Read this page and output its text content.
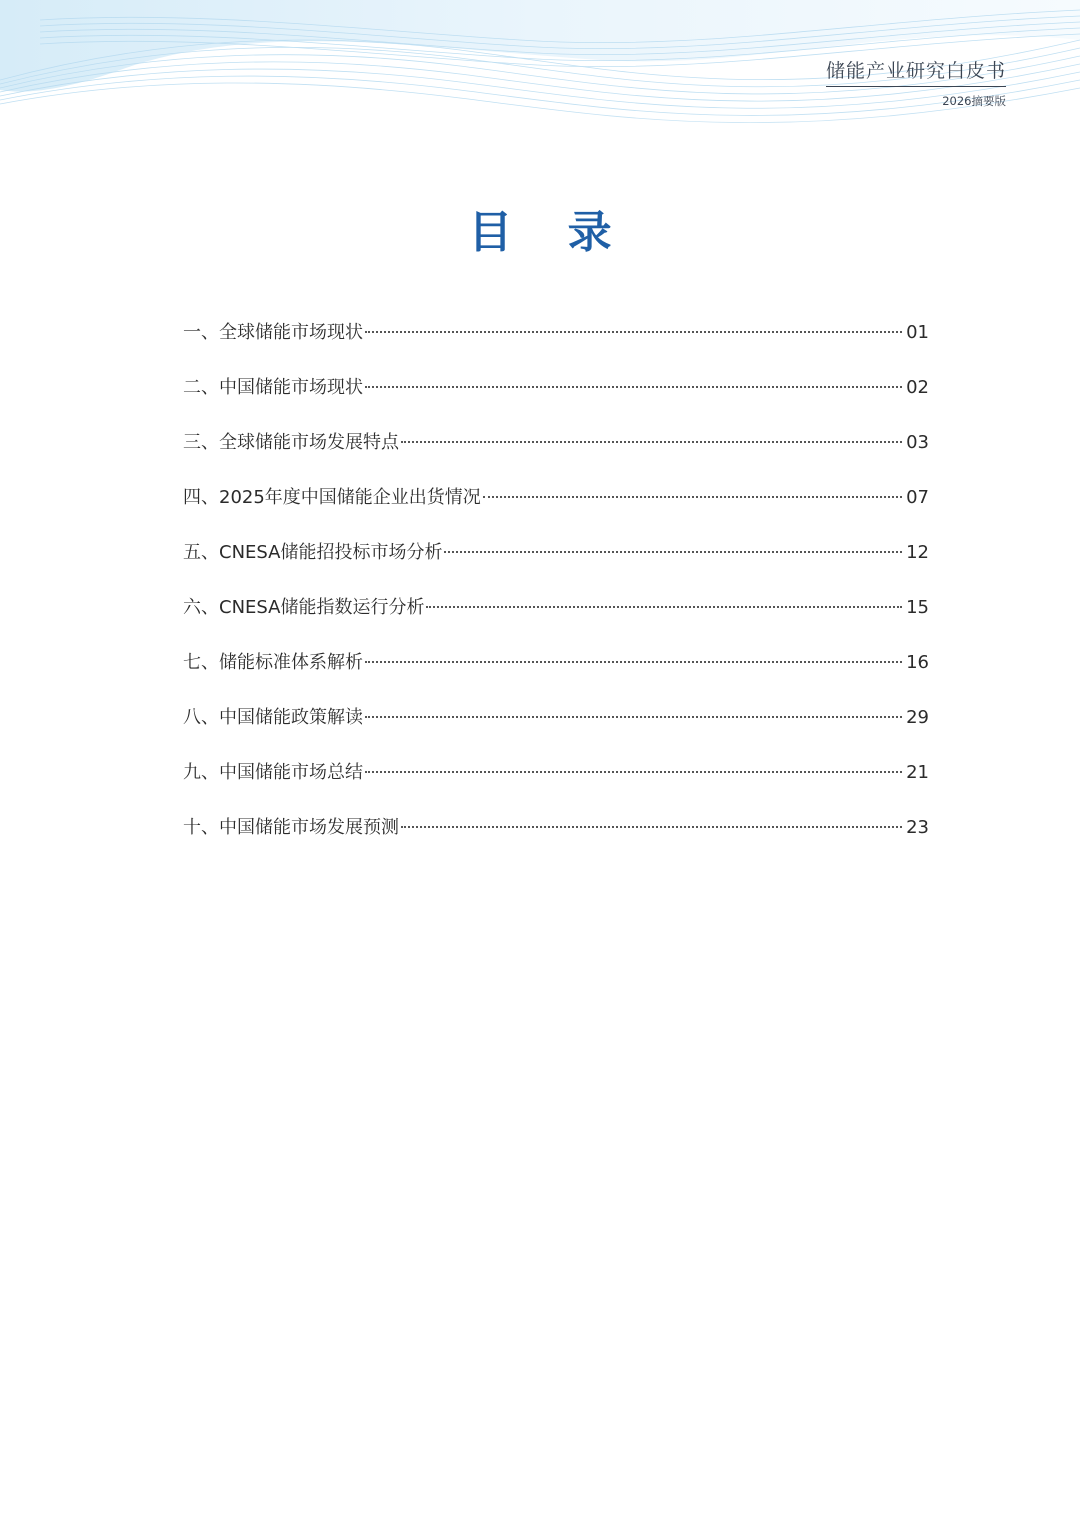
储能产业研究白皮书
2026摘要版
目 录
一、全球储能市场现状	01
二、中国储能市场现状	02
三、全球储能市场发展特点	03
四、2025年度中国储能企业出货情况	07
五、CNESA储能招投标市场分析	12
六、CNESA储能指数运行分析	15
七、储能标准体系解析	16
八、中国储能政策解读	29
九、中国储能市场总结	21
十、中国储能市场发展预测	23
